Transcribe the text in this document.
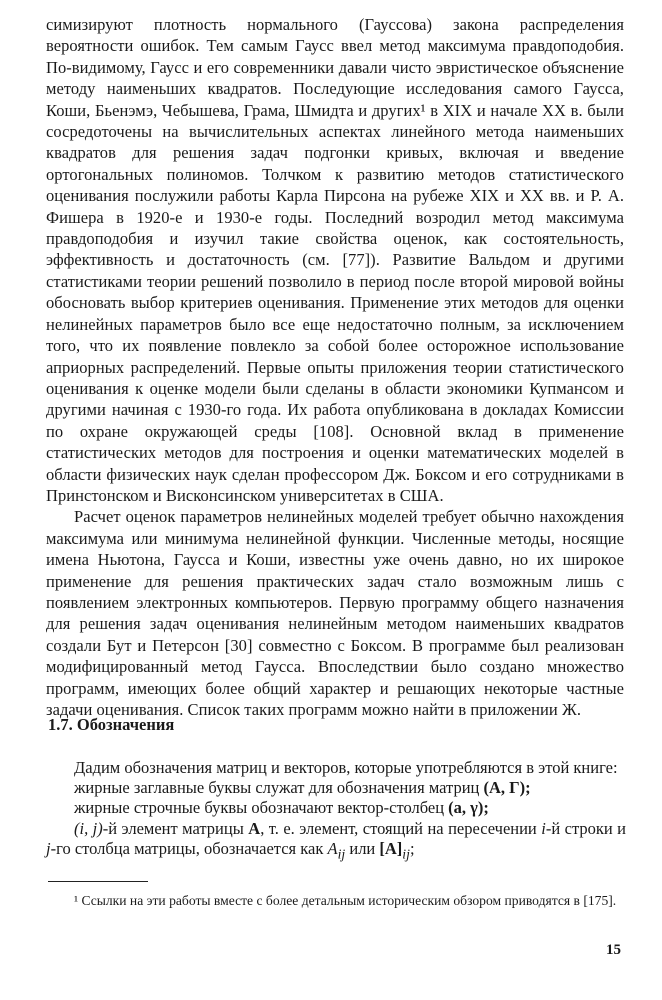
симизируют плотность нормального (Гауссова) закона распределения вероятности ошибок. Тем самым Гаусс ввел метод максимума правдоподобия. По-видимому, Гаусс и его современники давали чисто эвристическое объяснение методу наименьших квадратов. Последующие исследования самого Гаусса, Коши, Бьенэмэ, Чебышева, Грама, Шмидта и других¹ в XIX и начале XX в. были сосредоточены на вычислительных аспектах линейного метода наименьших квадратов для решения задач подгонки кривых, включая и введение ортогональных полиномов. Толчком к развитию методов статистического оценивания послужили работы Карла Пирсона на рубеже XIX и XX вв. и Р. А. Фишера в 1920-е и 1930-е годы. Последний возродил метод максимума правдоподобия и изучил такие свойства оценок, как состоятельность, эффективность и достаточность (см. [77]). Развитие Вальдом и другими статистиками теории решений позволило в период после второй мировой войны обосновать выбор критериев оценивания. Применение этих методов для оценки нелинейных параметров было все еще недостаточно полным, за исключением того, что их появление повлекло за собой более осторожное использование априорных распределений. Первые опыты приложения теории статистического оценивания к оценке модели были сделаны в области экономики Купмансом и другими начиная с 1930-го года. Их работа опубликована в докладах Комиссии по охране окружающей среды [108]. Основной вклад в применение статистических методов для построения и оценки математических моделей в области физических наук сделан профессором Дж. Боксом и его сотрудниками в Принстонском и Висконсинском университетах в США.

Расчет оценок параметров нелинейных моделей требует обычно нахождения максимума или минимума нелинейной функции. Численные методы, носящие имена Ньютона, Гаусса и Коши, известны уже очень давно, но их широкое применение для решения практических задач стало возможным лишь с появлением электронных компьютеров. Первую программу общего назначения для решения задач оценивания нелинейным методом наименьших квадратов создали Бут и Петерсон [30] совместно с Боксом. В программе был реализован модифицированный метод Гаусса. Впоследствии было создано множество программ, имеющих более общий характер и решающих некоторые частные задачи оценивания. Список таких программ можно найти в приложении Ж.

1.7. Обозначения

Дадим обозначения матриц и векторов, которые употребляются в этой книге:

жирные заглавные буквы служат для обозначения матриц (A, Γ);

жирные строчные буквы обозначают вектор-столбец (a, γ);

(i, j)-й элемент матрицы A, т. е. элемент, стоящий на пересечении i-й строки и j-го столбца матрицы, обозначается как $A_{ij}$ или $[A]_{ij}$;

¹ Ссылки на эти работы вместе с более детальным историческим обзором приводятся в [175].

15
